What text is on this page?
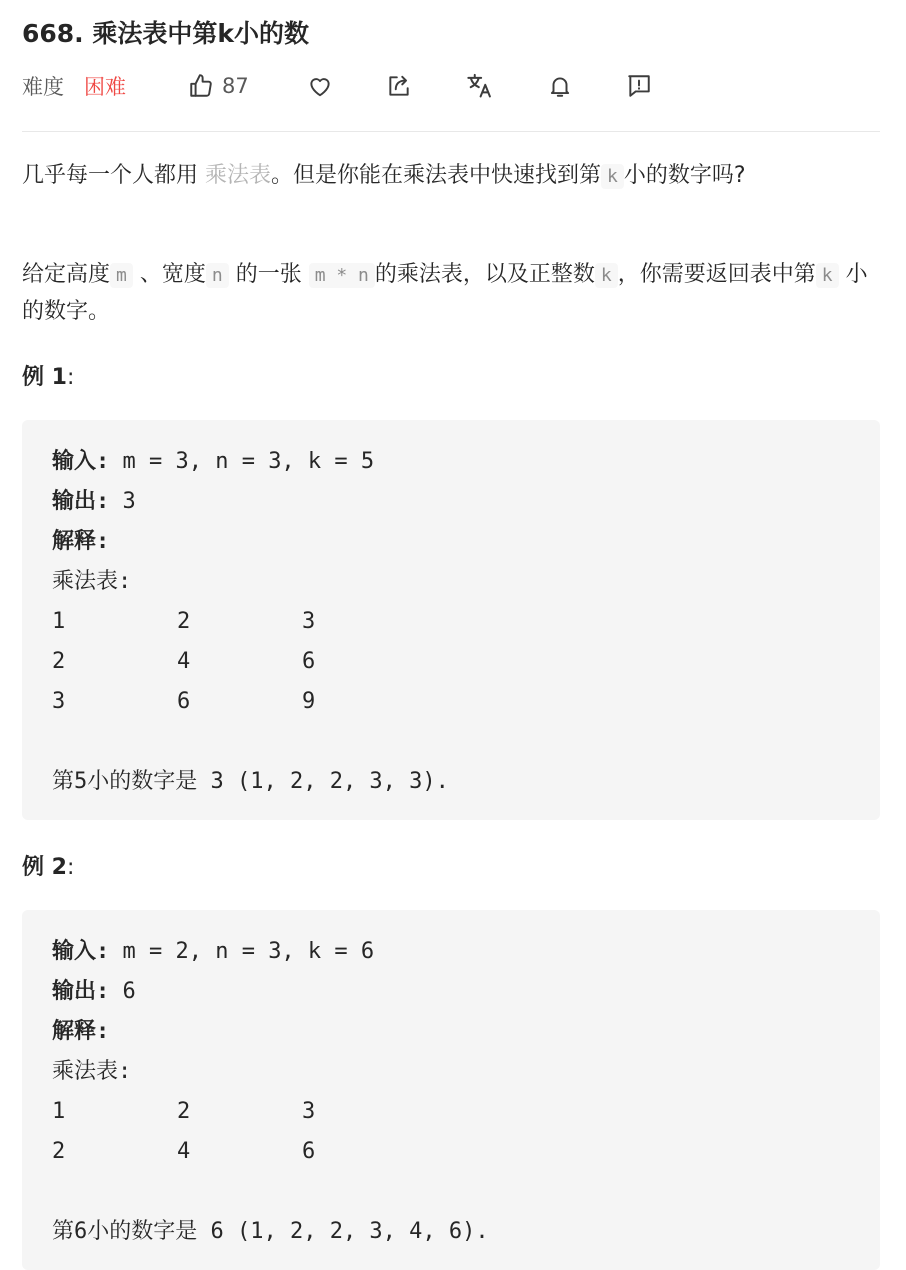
668. 乘法表中第k小的数
难度 困难	87
几乎每一个人都用 乘法表。但是你能在乘法表中快速找到第 k 小的数字吗?
给定高度 m 、宽度 n 的一张 m * n 的乘法表，以及正整数 k ，你需要返回表中第 k 小的数字。
例 1:
输入: m = 3, n = 3, k = 5
输出: 3
解释:
乘法表:
1	2	3
2	4	6
3	6	9
第5小的数字是 3 (1, 2, 2, 3, 3).
例 2:
输入: m = 2, n = 3, k = 6
输出: 6
解释:
乘法表:
1	2	3
2	4	6
第6小的数字是 6 (1, 2, 2, 3, 4, 6).
